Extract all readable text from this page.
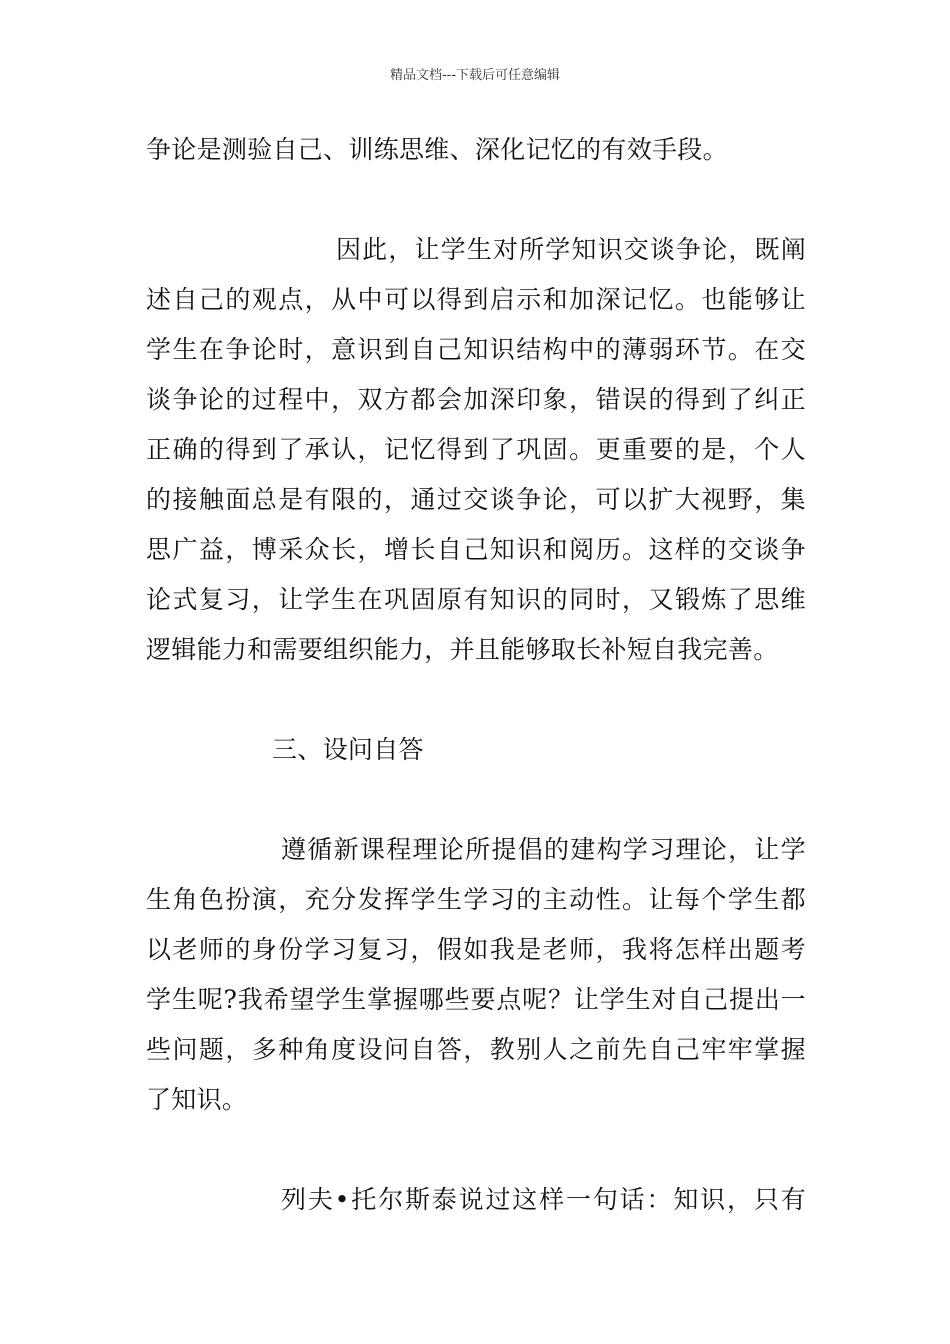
精品文档---下载后可任意编辑
争论是测验自己、训练思维、深化记忆的有效手段。
因此，让学生对所学知识交谈争论，既阐
述自己的观点，从中可以得到启示和加深记忆。也能够让
学生在争论时，意识到自己知识结构中的薄弱环节。在交
谈争论的过程中，双方都会加深印象，错误的得到了纠正
正确的得到了承认，记忆得到了巩固。更重要的是，个人
的接触面总是有限的，通过交谈争论，可以扩大视野，集
思广益，博采众长，增长自己知识和阅历。这样的交谈争
论式复习，让学生在巩固原有知识的同时，又锻炼了思维
逻辑能力和需要组织能力，并且能够取长补短自我完善。
三、设问自答
遵循新课程理论所提倡的建构学习理论，让学
生角色扮演，充分发挥学生学习的主动性。让每个学生都
以老师的身份学习复习，假如我是老师，我将怎样出题考
学生呢?我希望学生掌握哪些要点呢？让学生对自己提出一
些问题，多种角度设问自答，教别人之前先自己牢牢掌握
了知识。
列夫•托尔斯泰说过这样一句话：知识，只有
